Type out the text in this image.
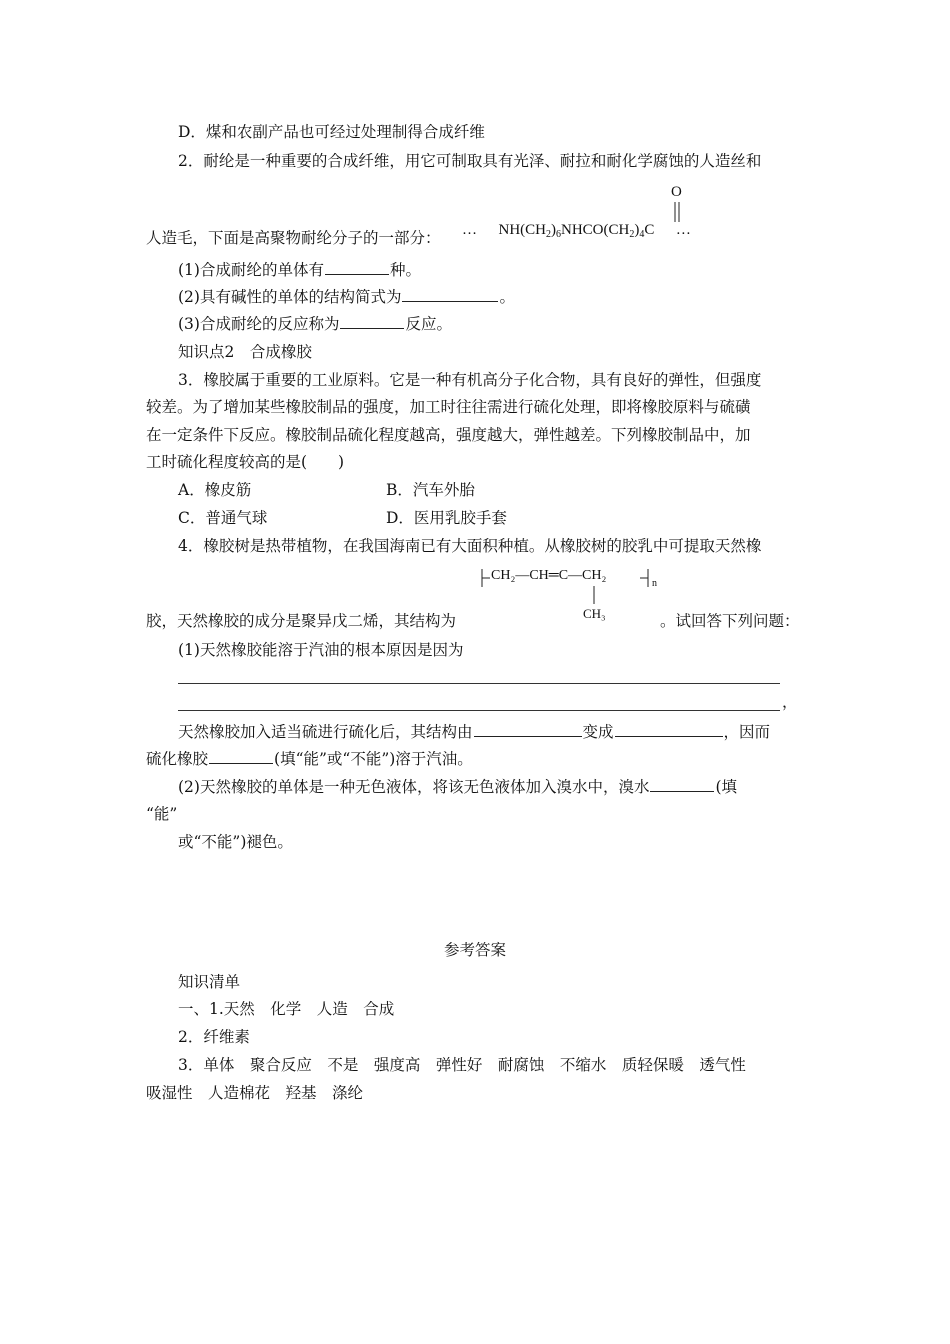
D．煤和农副产品也可经过处理制得合成纤维
2．耐纶是一种重要的合成纤维，用它可制取具有光泽、耐拉和耐化学腐蚀的人造丝和
人造毛，下面是高聚物耐纶分子的一部分： … $NH(CH_2)_6NHCO(CH_2)_4C$ …
O
(1)合成耐纶的单体有	种。
(2)具有碱性的单体的结构简式为	。
(3)合成耐纶的反应称为	反应。
知识点2　合成橡胶
3．橡胶属于重要的工业原料。它是一种有机高分子化合物，具有良好的弹性，但强度
较差。为了增加某些橡胶制品的强度，加工时往往需进行硫化处理，即将橡胶原料与硫磺
在一定条件下反应。橡胶制品硫化程度越高，强度越大，弹性越差。下列橡胶制品中，加
工时硫化程度较高的是(　　)
A．橡皮筋	B．汽车外胎
C．普通气球	D．医用乳胶手套
4．橡胶树是热带植物，在我国海南已有大面积种植。从橡胶树的胶乳中可提取天然橡
胶，天然橡胶的成分是聚异戊二烯，其结构为	。试回答下列问题：
CH₂—CH═C—CH₂
n
CH₃
(1)天然橡胶能溶于汽油的根本原因是因为
，
天然橡胶加入适当硫进行硫化后，其结构由	变成	，因而
硫化橡胶	(填“能”或“不能”)溶于汽油。
(2)天然橡胶的单体是一种无色液体，将该无色液体加入溴水中，溴水	(填
“能”
或“不能”)褪色。
参考答案
知识清单
一、1.天然　化学　人造　合成
2．纤维素
3．单体　聚合反应　不是　强度高　弹性好　耐腐蚀　不缩水　质轻保暖　透气性
吸湿性　人造棉花　羟基　涤纶
